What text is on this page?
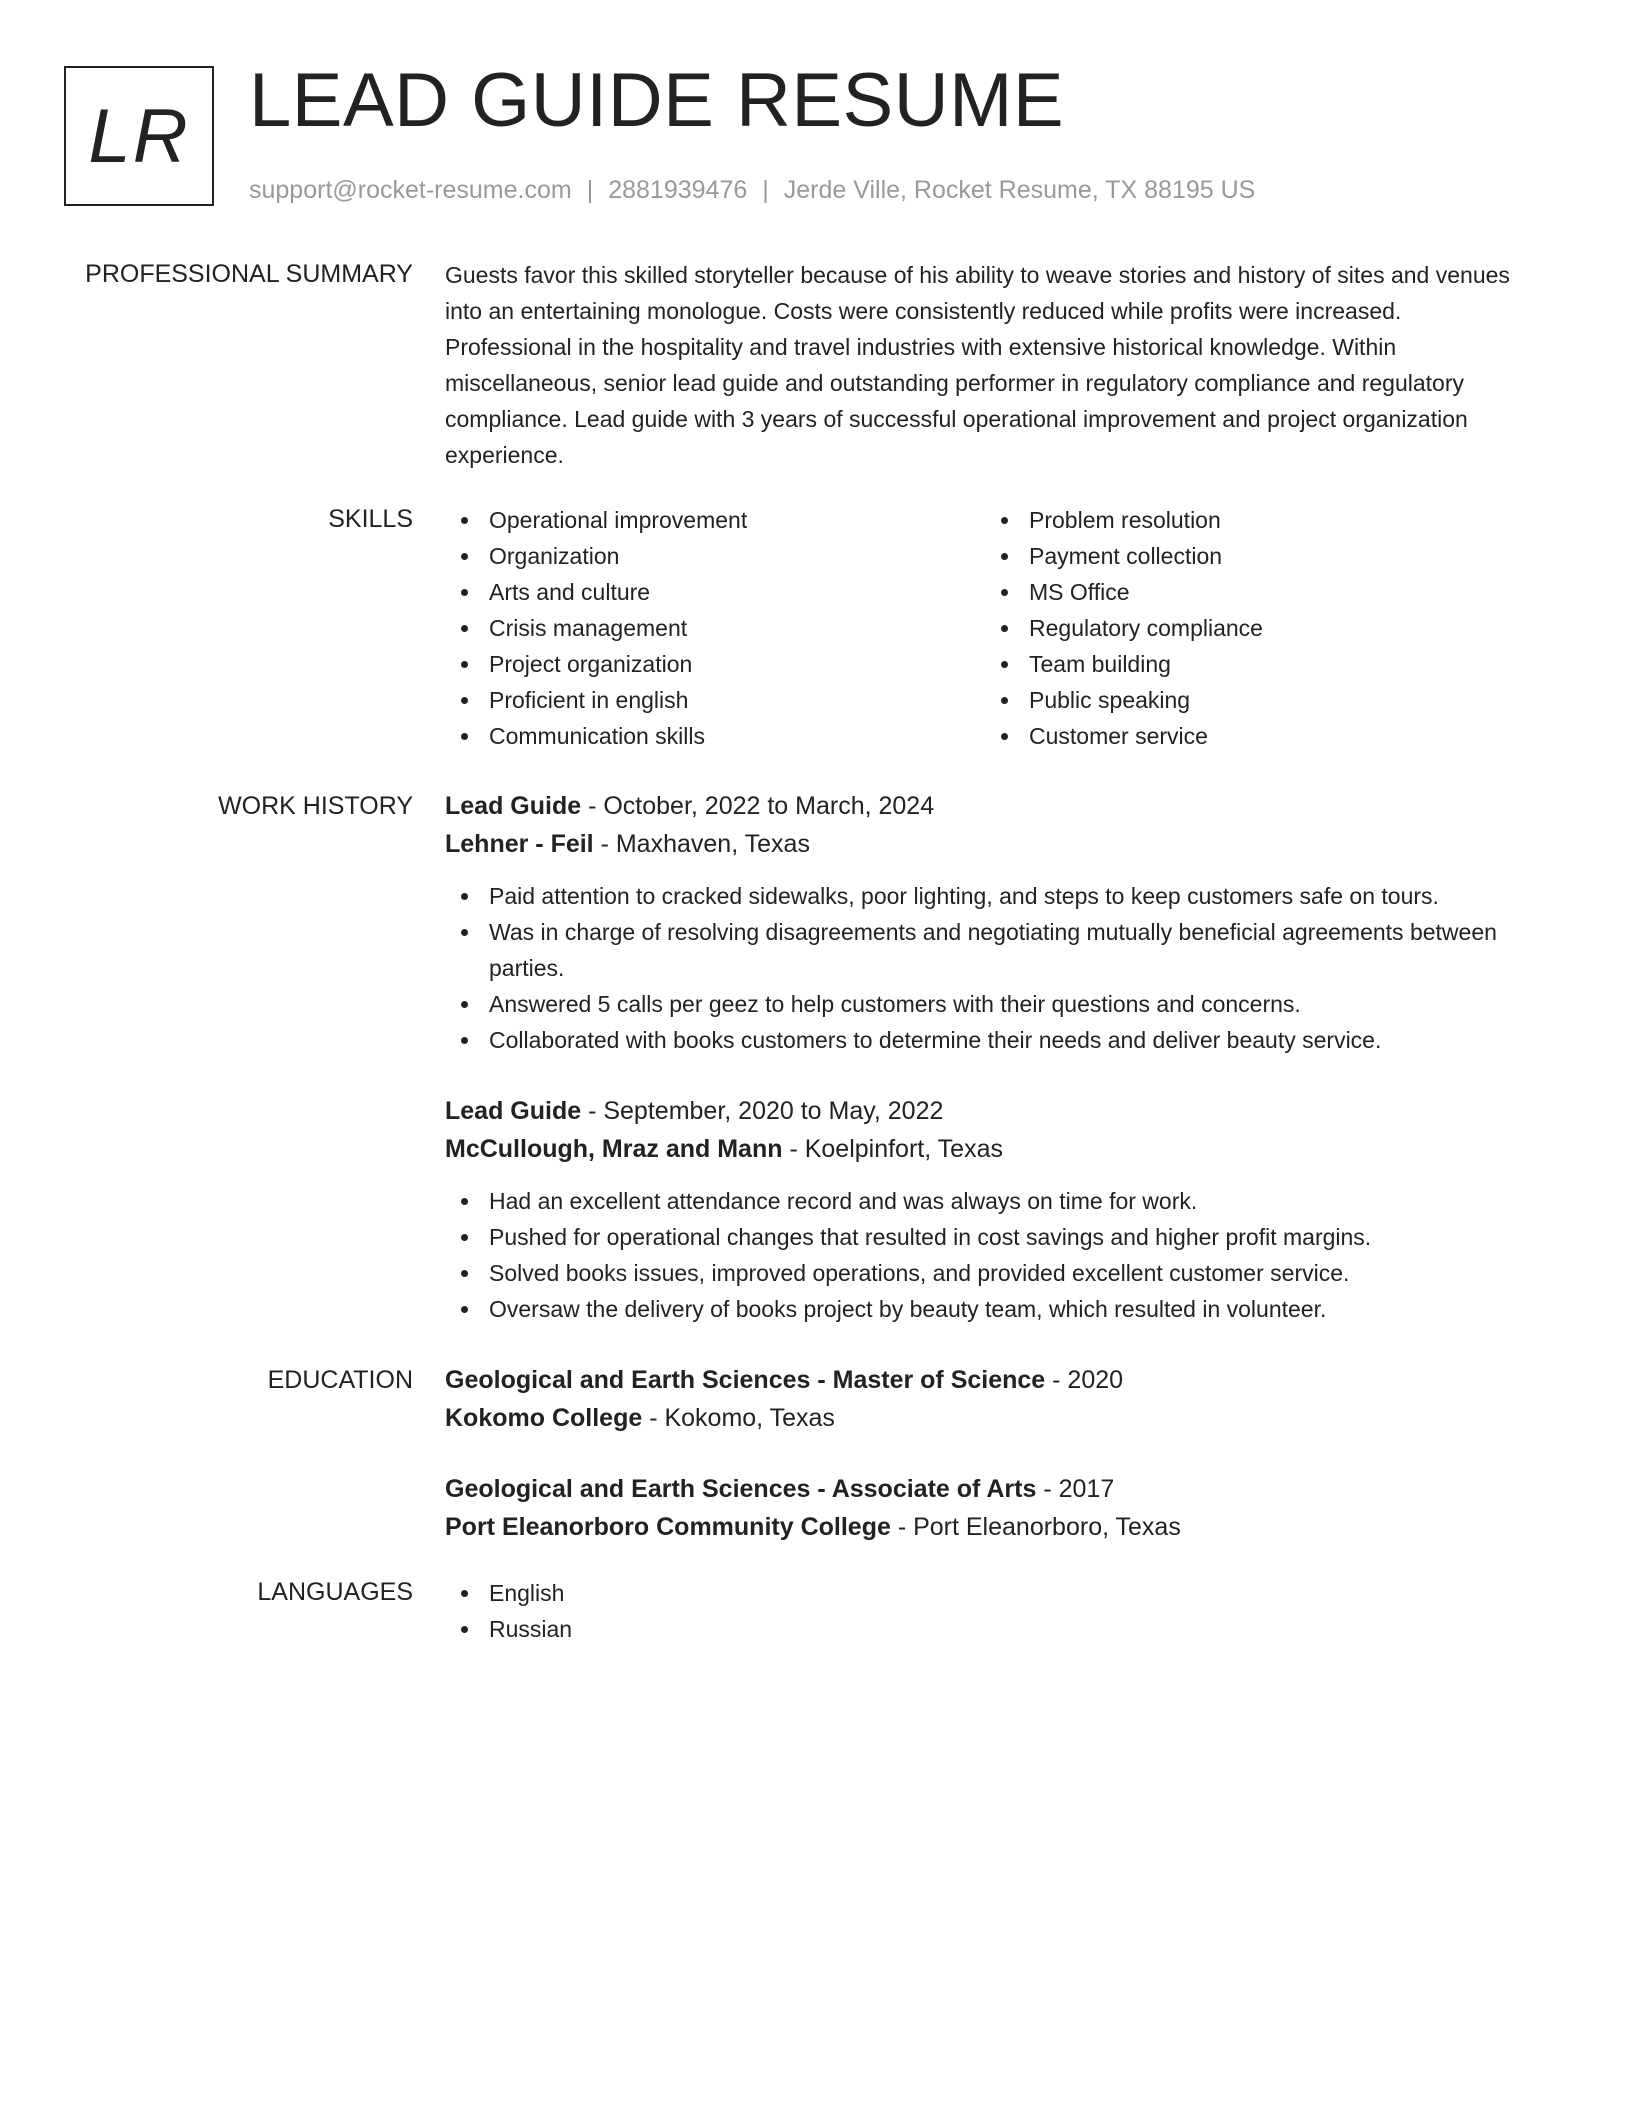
LR LEAD GUIDE RESUME
support@rocket-resume.com | 2881939476 | Jerde Ville, Rocket Resume, TX 88195 US
PROFESSIONAL SUMMARY Guests favor this skilled storyteller because of his ability to weave stories and history of sites and venues into an entertaining monologue. Costs were consistently reduced while profits were increased. Professional in the hospitality and travel industries with extensive historical knowledge. Within miscellaneous, senior lead guide and outstanding performer in regulatory compliance and regulatory compliance. Lead guide with 3 years of successful operational improvement and project organization experience.

SKILLS	Operational improvement
Organization
Arts and culture
Crisis management
Project organization
Proficient in english
Communication skills
Problem resolution
Payment collection
MS Office
Regulatory compliance
Team building
Public speaking
Customer service
WORK HISTORY Lead Guide - October, 2022 to March, 2024
Lehner - Feil - Maxhaven, Texas
Paid attention to cracked sidewalks, poor lighting, and steps to keep customers safe on tours.
Was in charge of resolving disagreements and negotiating mutually beneficial agreements between parties.
Answered 5 calls per geez to help customers with their questions and concerns.
Collaborated with books customers to determine their needs and deliver beauty service.
Lead Guide - September, 2020 to May, 2022
McCullough, Mraz and Mann - Koelpinfort, Texas
Had an excellent attendance record and was always on time for work.
Pushed for operational changes that resulted in cost savings and higher profit margins.
Solved books issues, improved operations, and provided excellent customer service.
Oversaw the delivery of books project by beauty team, which resulted in volunteer.
EDUCATION Geological and Earth Sciences - Master of Science - 2020
Kokomo College - Kokomo, Texas
Geological and Earth Sciences - Associate of Arts - 2017
Port Eleanorboro Community College - Port Eleanorboro, Texas
LANGUAGES	English
Russian
